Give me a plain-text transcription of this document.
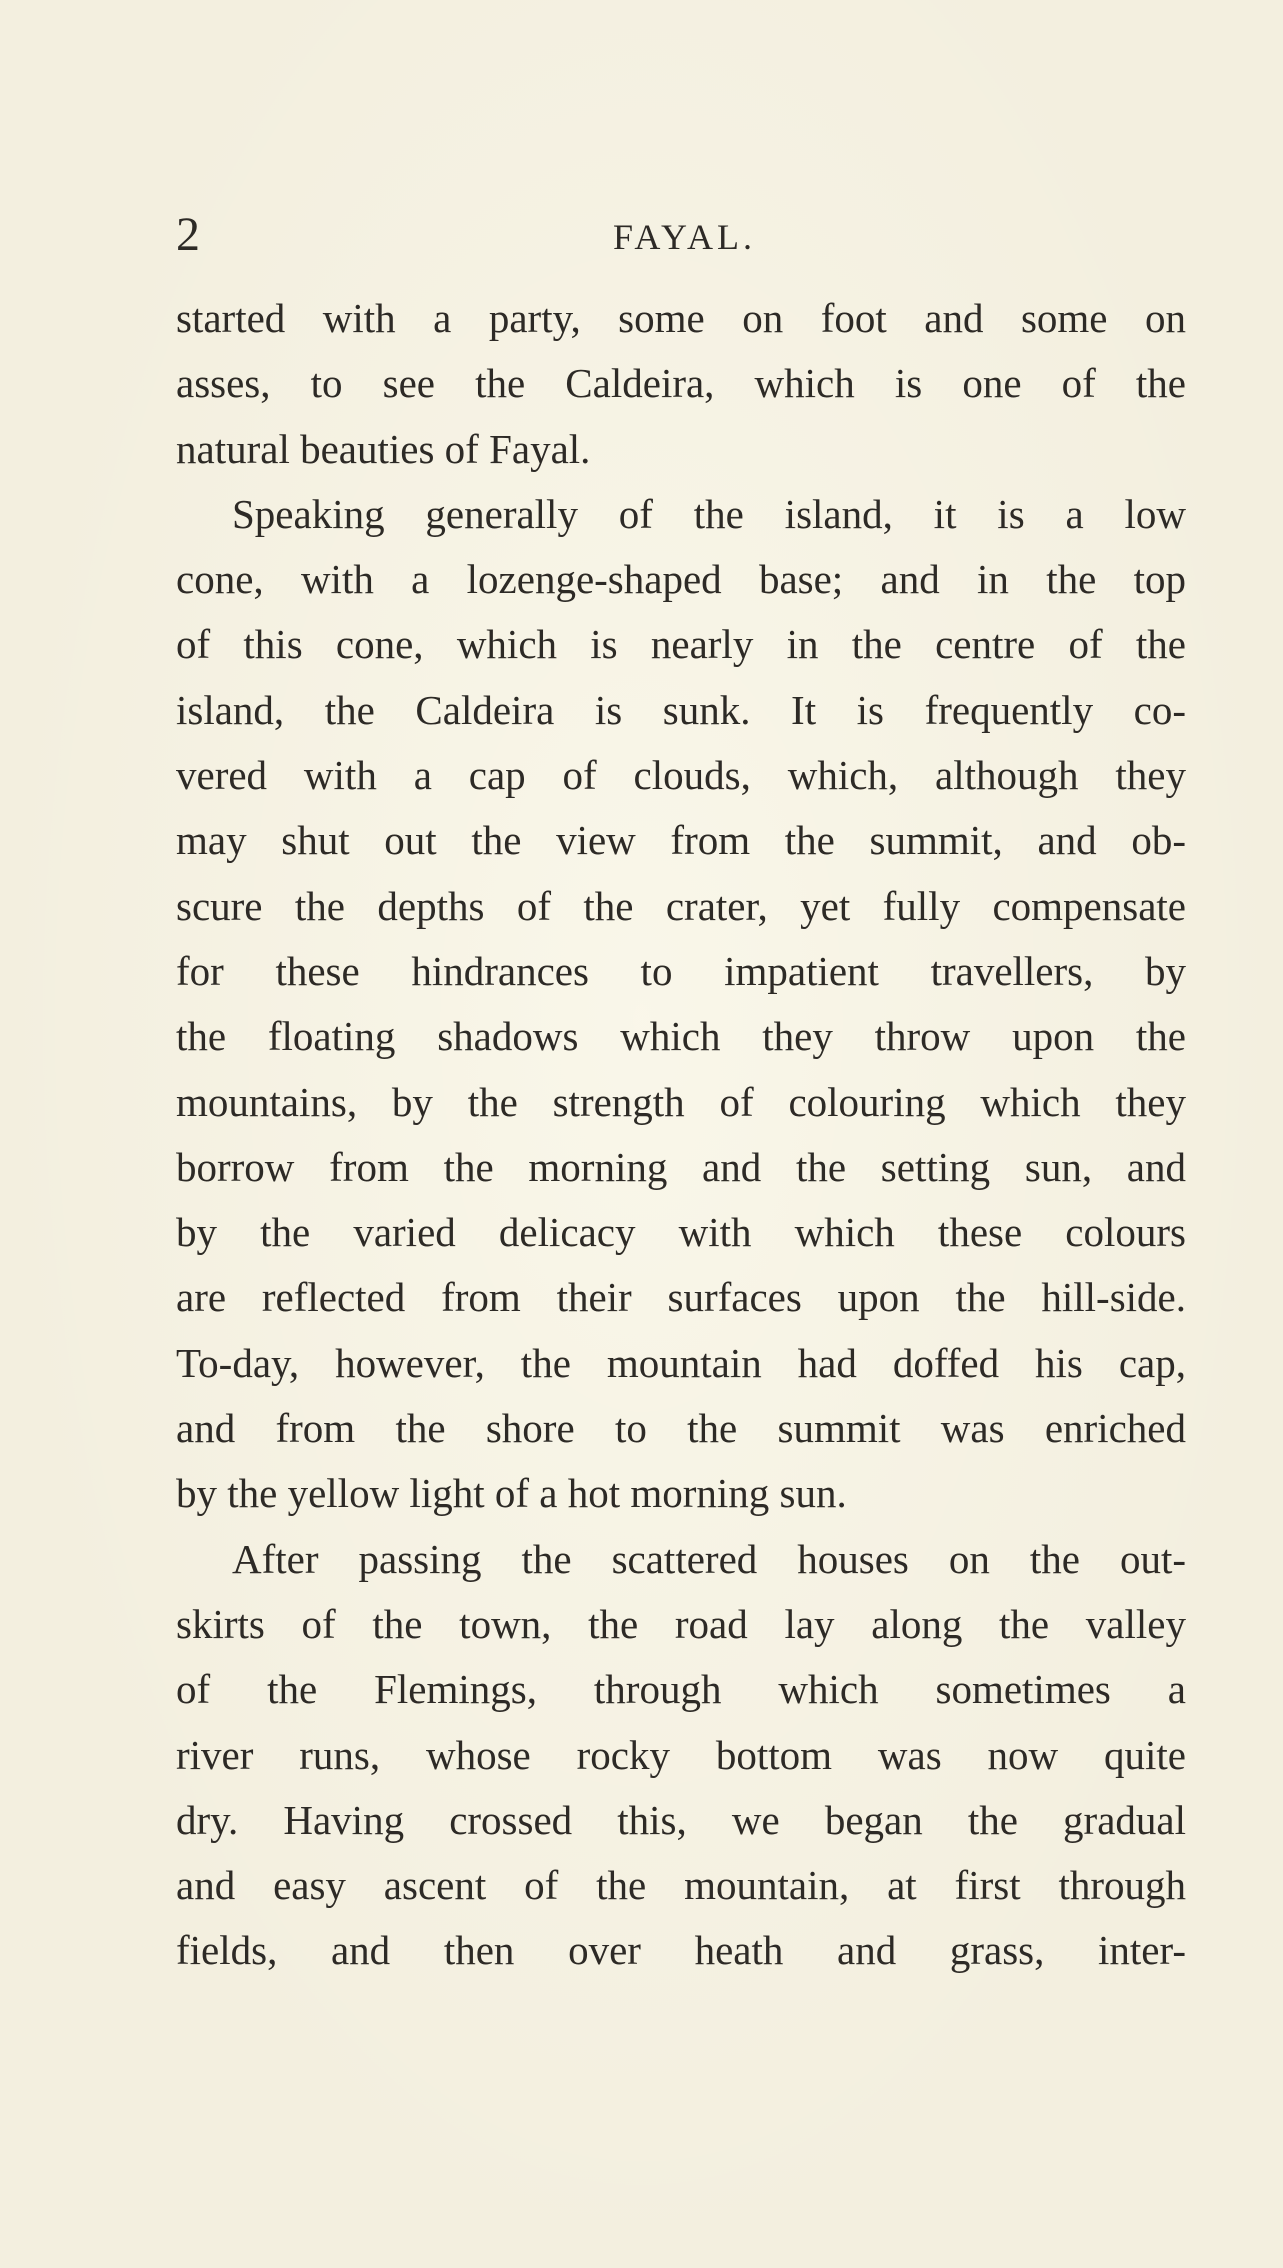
2	FAYAL.
started with a party, some on foot and some on
asses, to see the Caldeira, which is one of the
natural beauties of Fayal.
Speaking generally of the island, it is a low
cone, with a lozenge-shaped base; and in the top
of this cone, which is nearly in the centre of the
island, the Caldeira is sunk. It is frequently co-
vered with a cap of clouds, which, although they
may shut out the view from the summit, and ob-
scure the depths of the crater, yet fully compensate
for these hindrances to impatient travellers, by
the floating shadows which they throw upon the
mountains, by the strength of colouring which they
borrow from the morning and the setting sun, and
by the varied delicacy with which these colours
are reflected from their surfaces upon the hill-side.
To-day, however, the mountain had doffed his cap,
and from the shore to the summit was enriched
by the yellow light of a hot morning sun.
After passing the scattered houses on the out-
skirts of the town, the road lay along the valley
of the Flemings, through which sometimes a
river runs, whose rocky bottom was now quite
dry. Having crossed this, we began the gradual
and easy ascent of the mountain, at first through
fields, and then over heath and grass, inter-
